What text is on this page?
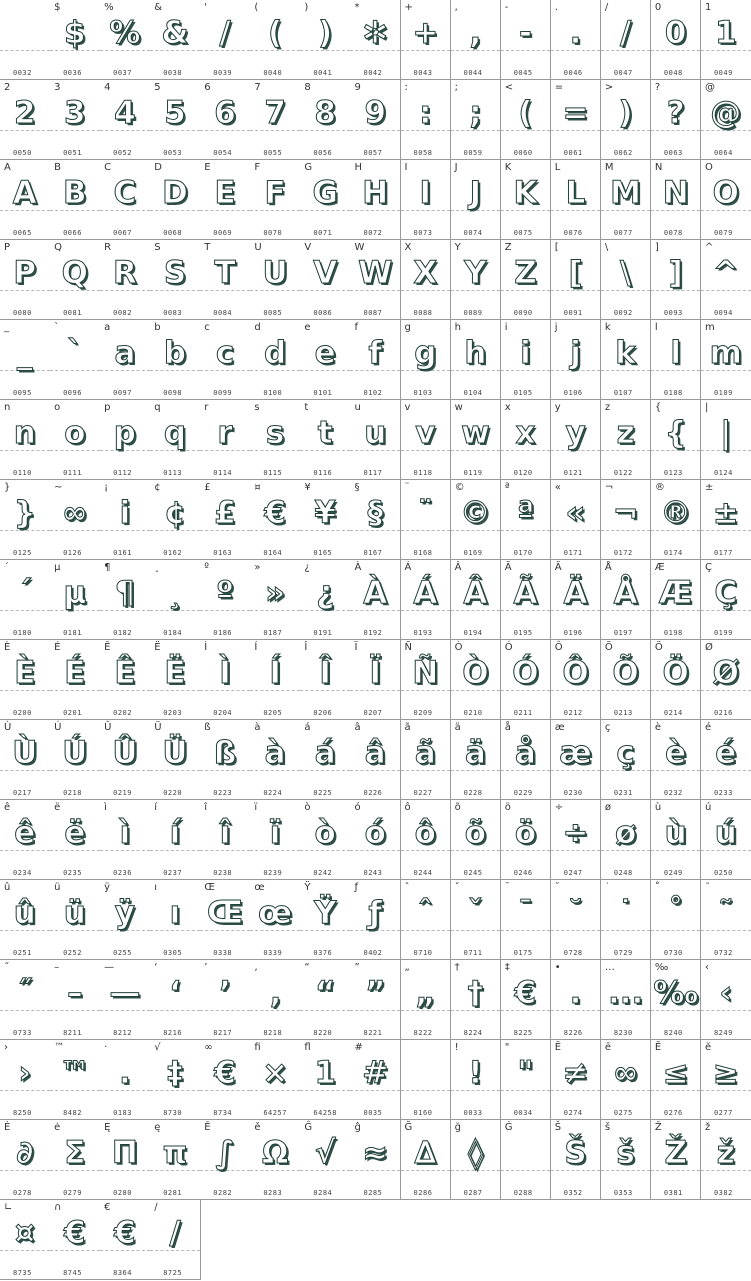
0032
$
$
0036
%
%
0037
&
&
0038
'
/
0039
(
(
0040
)
)
0041
*
✲
0042
+
+
0043
,
,
0044
-
-
0045
.
.
0046
/
/
0047
0
0
0048
1
1
0049
2
2
0050
3
3
0051
4
4
0052
5
5
0053
6
6
0054
7
7
0055
8
8
0056
9
9
0057
:
:
0058
;
;
0059
<
(
0060
=
=
0061
>
)
0062
?
?
0063
@
@
0064
A
A
0065
B
B
0066
C
C
0067
D
D
0068
E
E
0069
F
F
0070
G
G
0071
H
H
0072
I
I
0073
J
J
0074
K
K
0075
L
L
0076
M
M
0077
N
N
0078
O
O
0079
P
P
0080
Q
Q
0081
R
R
0082
S
S
0083
T
T
0084
U
U
0085
V
V
0086
W
W
0087
X
X
0088
Y
Y
0089
Z
Z
0090
[
[
0091
\
\
0092
]
]
0093
^
^
0094
_
_
0095
`
`
0096
a
a
0097
b
b
0098
c
c
0099
d
d
0100
e
e
0101
f
f
0102
g
g
0103
h
h
0104
i
i
0105
j
j
0106
k
k
0107
l
l
0108
m
m
0109
n
n
0110
o
o
0111
p
p
0112
q
q
0113
r
r
0114
s
s
0115
t
t
0116
u
u
0117
v
v
0118
w
w
0119
x
x
0120
y
y
0121
z
z
0122
{
{
0123
|
|
0124
}
}
0125
~
∞
0126
¡
i
0161
¢
¢
0162
£
£
0163
¤
€
0164
¥
¥
0165
§
§
0167
¨
¨
0168
©
©
0169
ª
ª
0170
«
«
0171
¬
¬
0172
®
®
0174
±
±
0177
´
´
0180
µ
µ
0181
¶
¶
0182
¸
¸
0184
º
º
0186
»
»
0187
¿
¿
0191
À
À
0192
Á
Á
0193
Â
Â
0194
Ã
Ã
0195
Ä
Ä
0196
Å
Å
0197
Æ
Æ
0198
Ç
Ç
0199
È
È
0200
É
É
0201
Ê
Ê
0202
Ë
Ë
0203
Ì
Ì
0204
Í
Í
0205
Î
Î
0206
Ï
Ï
0207
Ñ
Ñ
0209
Ò
Ò
0210
Ó
Ó
0211
Ô
Ô
0212
Õ
Õ
0213
Ö
Ö
0214
Ø
Ø
0216
Ù
Ù
0217
Ú
Ú
0218
Û
Û
0219
Ü
Ü
0220
ß
ß
0223
à
à
0224
á
á
0225
â
â
0226
ã
ã
0227
ä
ä
0228
å
å
0229
æ
æ
0230
ç
ç
0231
è
è
0232
é
é
0233
ê
ê
0234
ë
ë
0235
ì
ì
0236
í
í
0237
î
î
0238
ï
ï
0239
ò
ò
0242
ó
ó
0243
ô
ô
0244
õ
õ
0245
ö
ö
0246
÷
÷
0247
ø
ø
0248
ù
ù
0249
ú
ú
0250
û
û
0251
ü
ü
0252
ÿ
ÿ
0255
ı
ı
0305
Œ
Œ
0338
œ
œ
0339
Ÿ
Ÿ
0376
ƒ
ƒ
0402
ˆ
ˆ
0710
ˇ
ˇ
0711
¯
¯
0175
˘
˘
0728
˙
˙
0729
˚
˚
0730
˜
˜
0732
˝
˝
0733
–
–
8211
—
—
8212
‘
‘
8216
’
’
8217
‚
‚
8218
“
“
8220
”
”
8221
„
„
8222
†
†
8224
‡
€
8225
•
.
8226
…
...
8230
‰
‰
8240
‹
‹
8249
›
›
8250
™
™
8482
·
.
0183
√
‡
8730
∞
€
8734
ﬁ
×
64257
ﬂ
1
64258
#
#
0035	0160
!
!
0033
"
"
0034
Ē
≠
0274
ē
∞
0275
Ĕ
≤
0276
ĕ
≥
0277
Ė
∂
0278
ė
Σ
0279
Ę
Π
0280
ę
π
0281
Ě
∫
0282
ě
Ω
0283
Ĝ
√
0284
ĝ
≈
0285
Ğ
∆
0286
ğ
◊
0287
Ġ
0288
Š
Š
0352
š
š
0353
Ž
Ž
0381
ž
ž
0382
∟
¤
8735
∩
€
8745
€
€
8364
∕
/
8725
